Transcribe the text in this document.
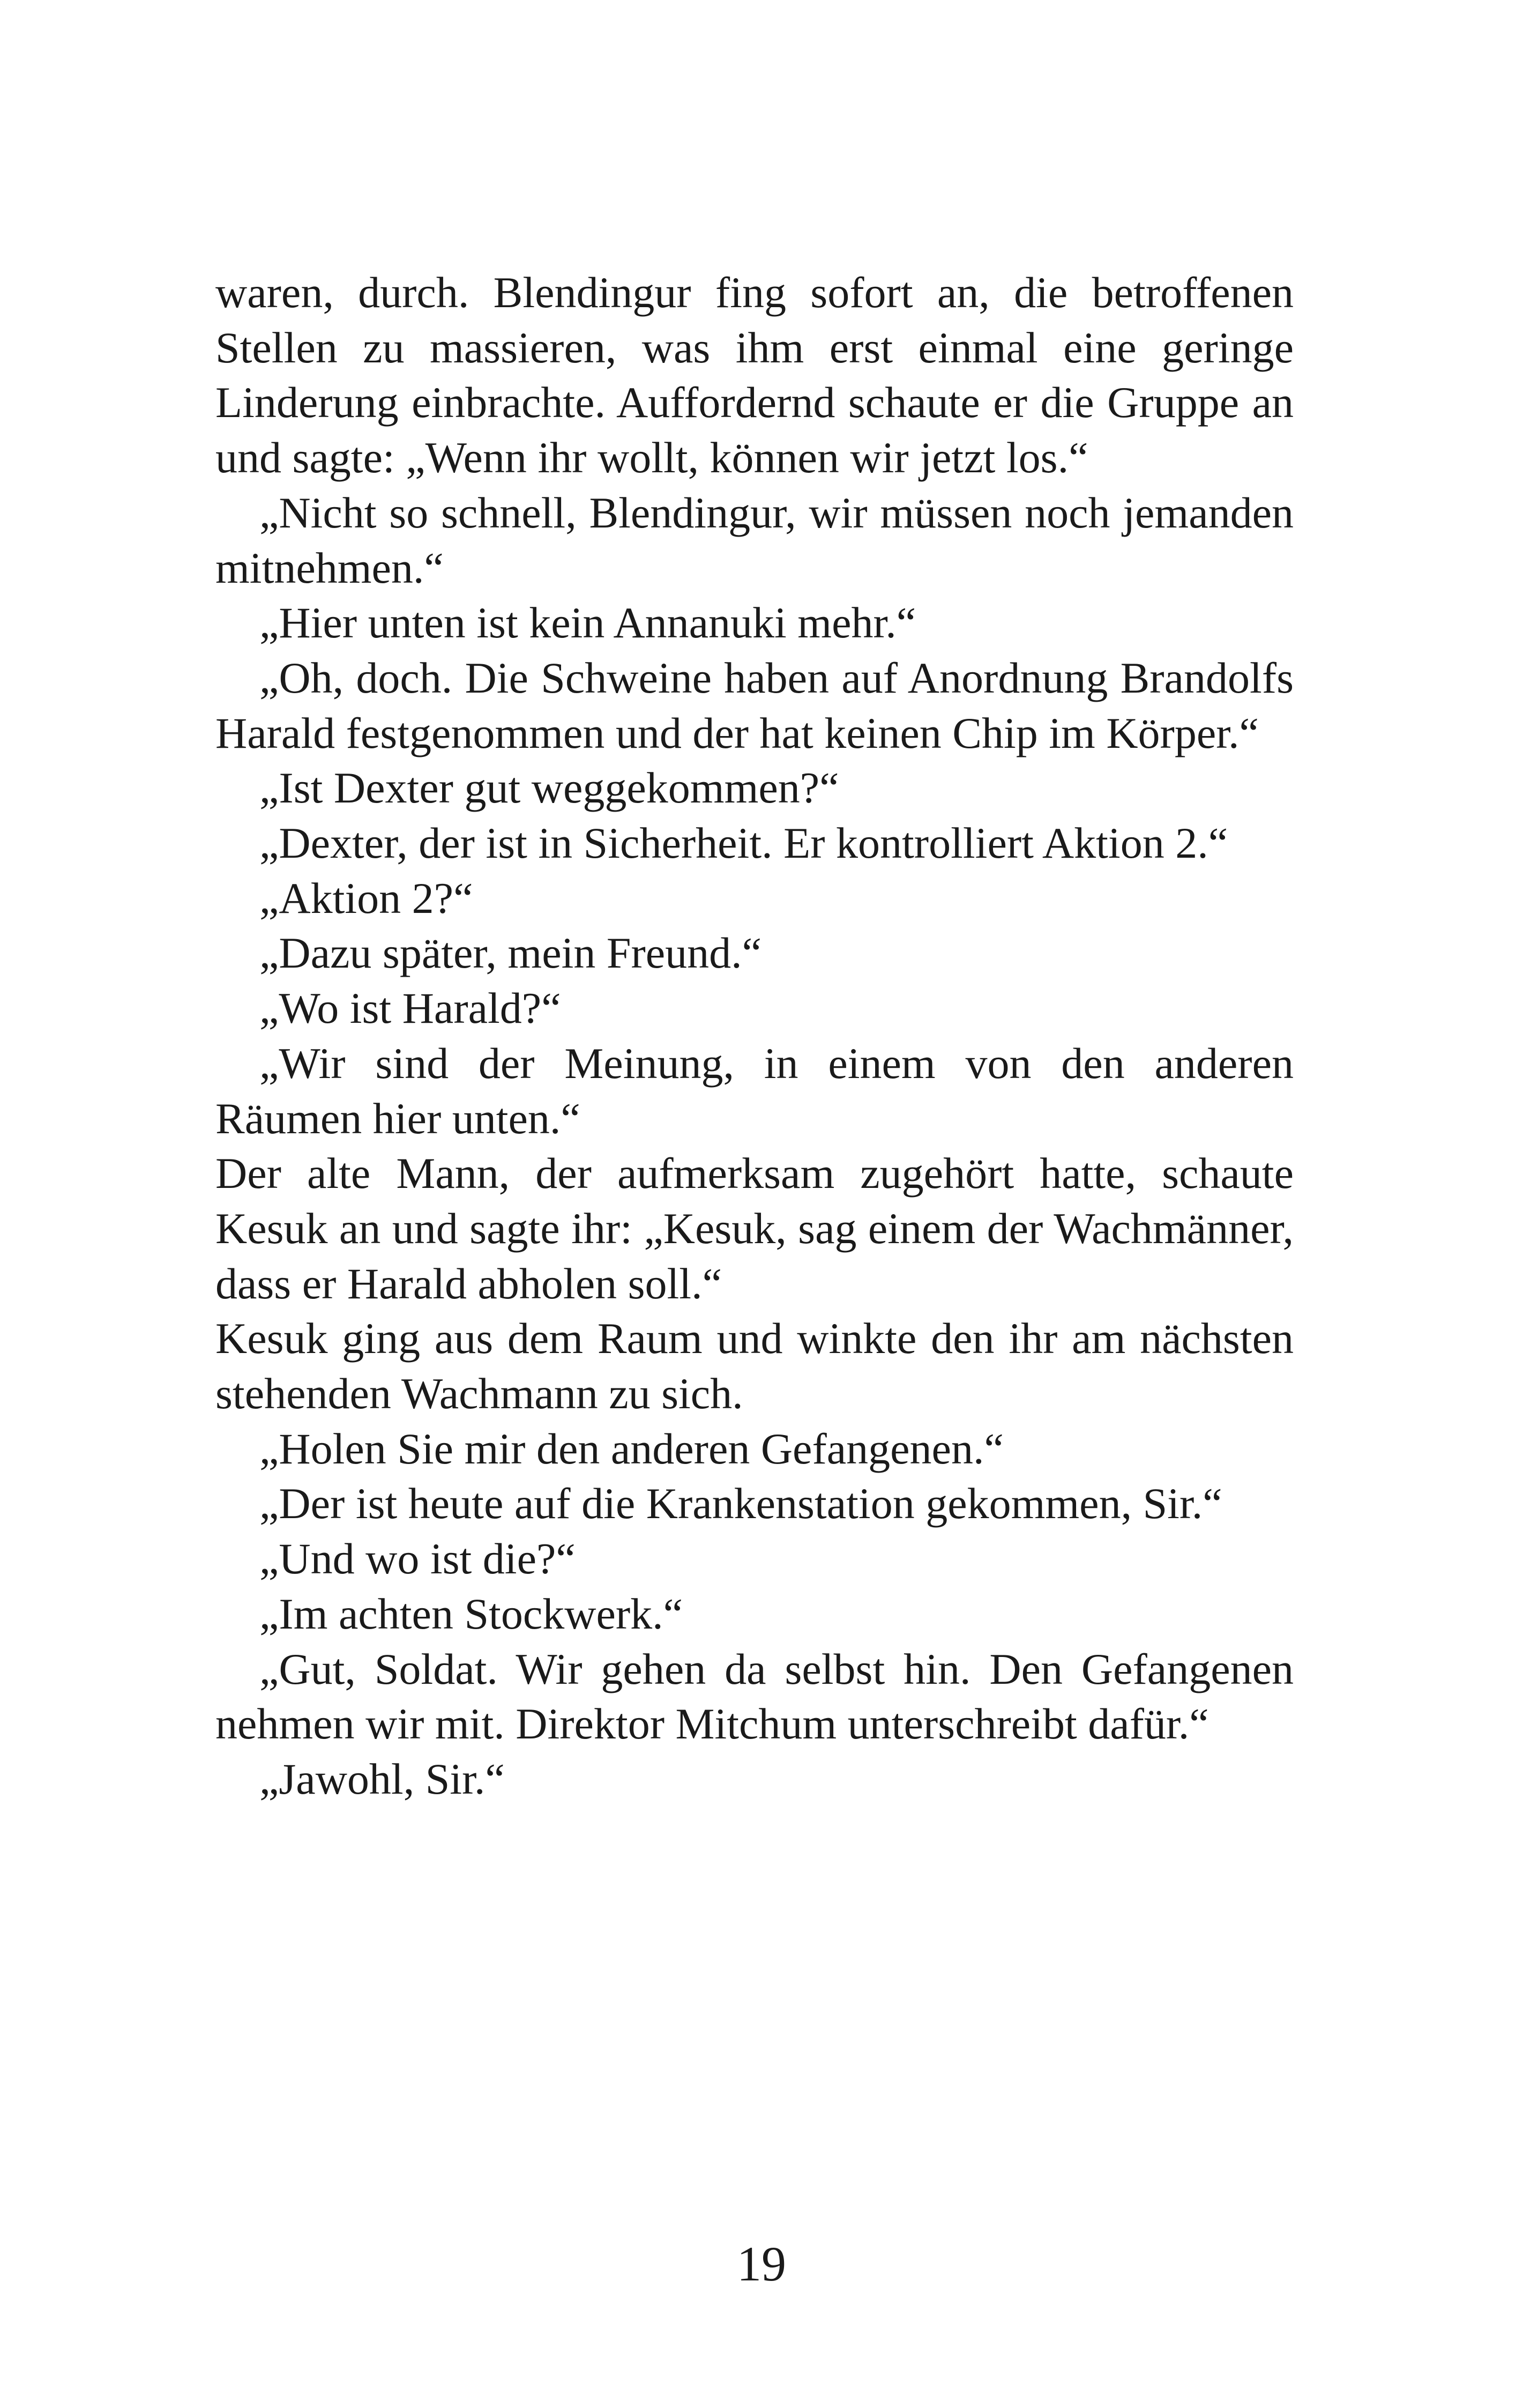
waren, durch. Blendingur fing sofort an, die betroffenen Stellen zu massieren, was ihm erst einmal eine geringe Linderung einbrachte. Auffordernd schaute er die Gruppe an und sagte: „Wenn ihr wollt, können wir jetzt los.“

„Nicht so schnell, Blendingur, wir müssen noch jemanden mitnehmen.“

„Hier unten ist kein Annanuki mehr.“

„Oh, doch. Die Schweine haben auf Anordnung Brandolfs Harald festgenommen und der hat keinen Chip im Körper.“

„Ist Dexter gut weggekommen?“

„Dexter, der ist in Sicherheit. Er kontrolliert Aktion 2.“

„Aktion 2?“

„Dazu später, mein Freund.“

„Wo ist Harald?“

„Wir sind der Meinung, in einem von den anderen Räumen hier unten.“

Der alte Mann, der aufmerksam zugehört hatte, schaute Kesuk an und sagte ihr: „Kesuk, sag einem der Wachmänner, dass er Harald abholen soll.“

Kesuk ging aus dem Raum und winkte den ihr am nächsten stehenden Wachmann zu sich.

„Holen Sie mir den anderen Gefangenen.“

„Der ist heute auf die Krankenstation gekommen, Sir.“

„Und wo ist die?“

„Im achten Stockwerk.“

„Gut, Soldat. Wir gehen da selbst hin. Den Gefangenen nehmen wir mit. Direktor Mitchum unterschreibt dafür.“

„Jawohl, Sir.“

19
